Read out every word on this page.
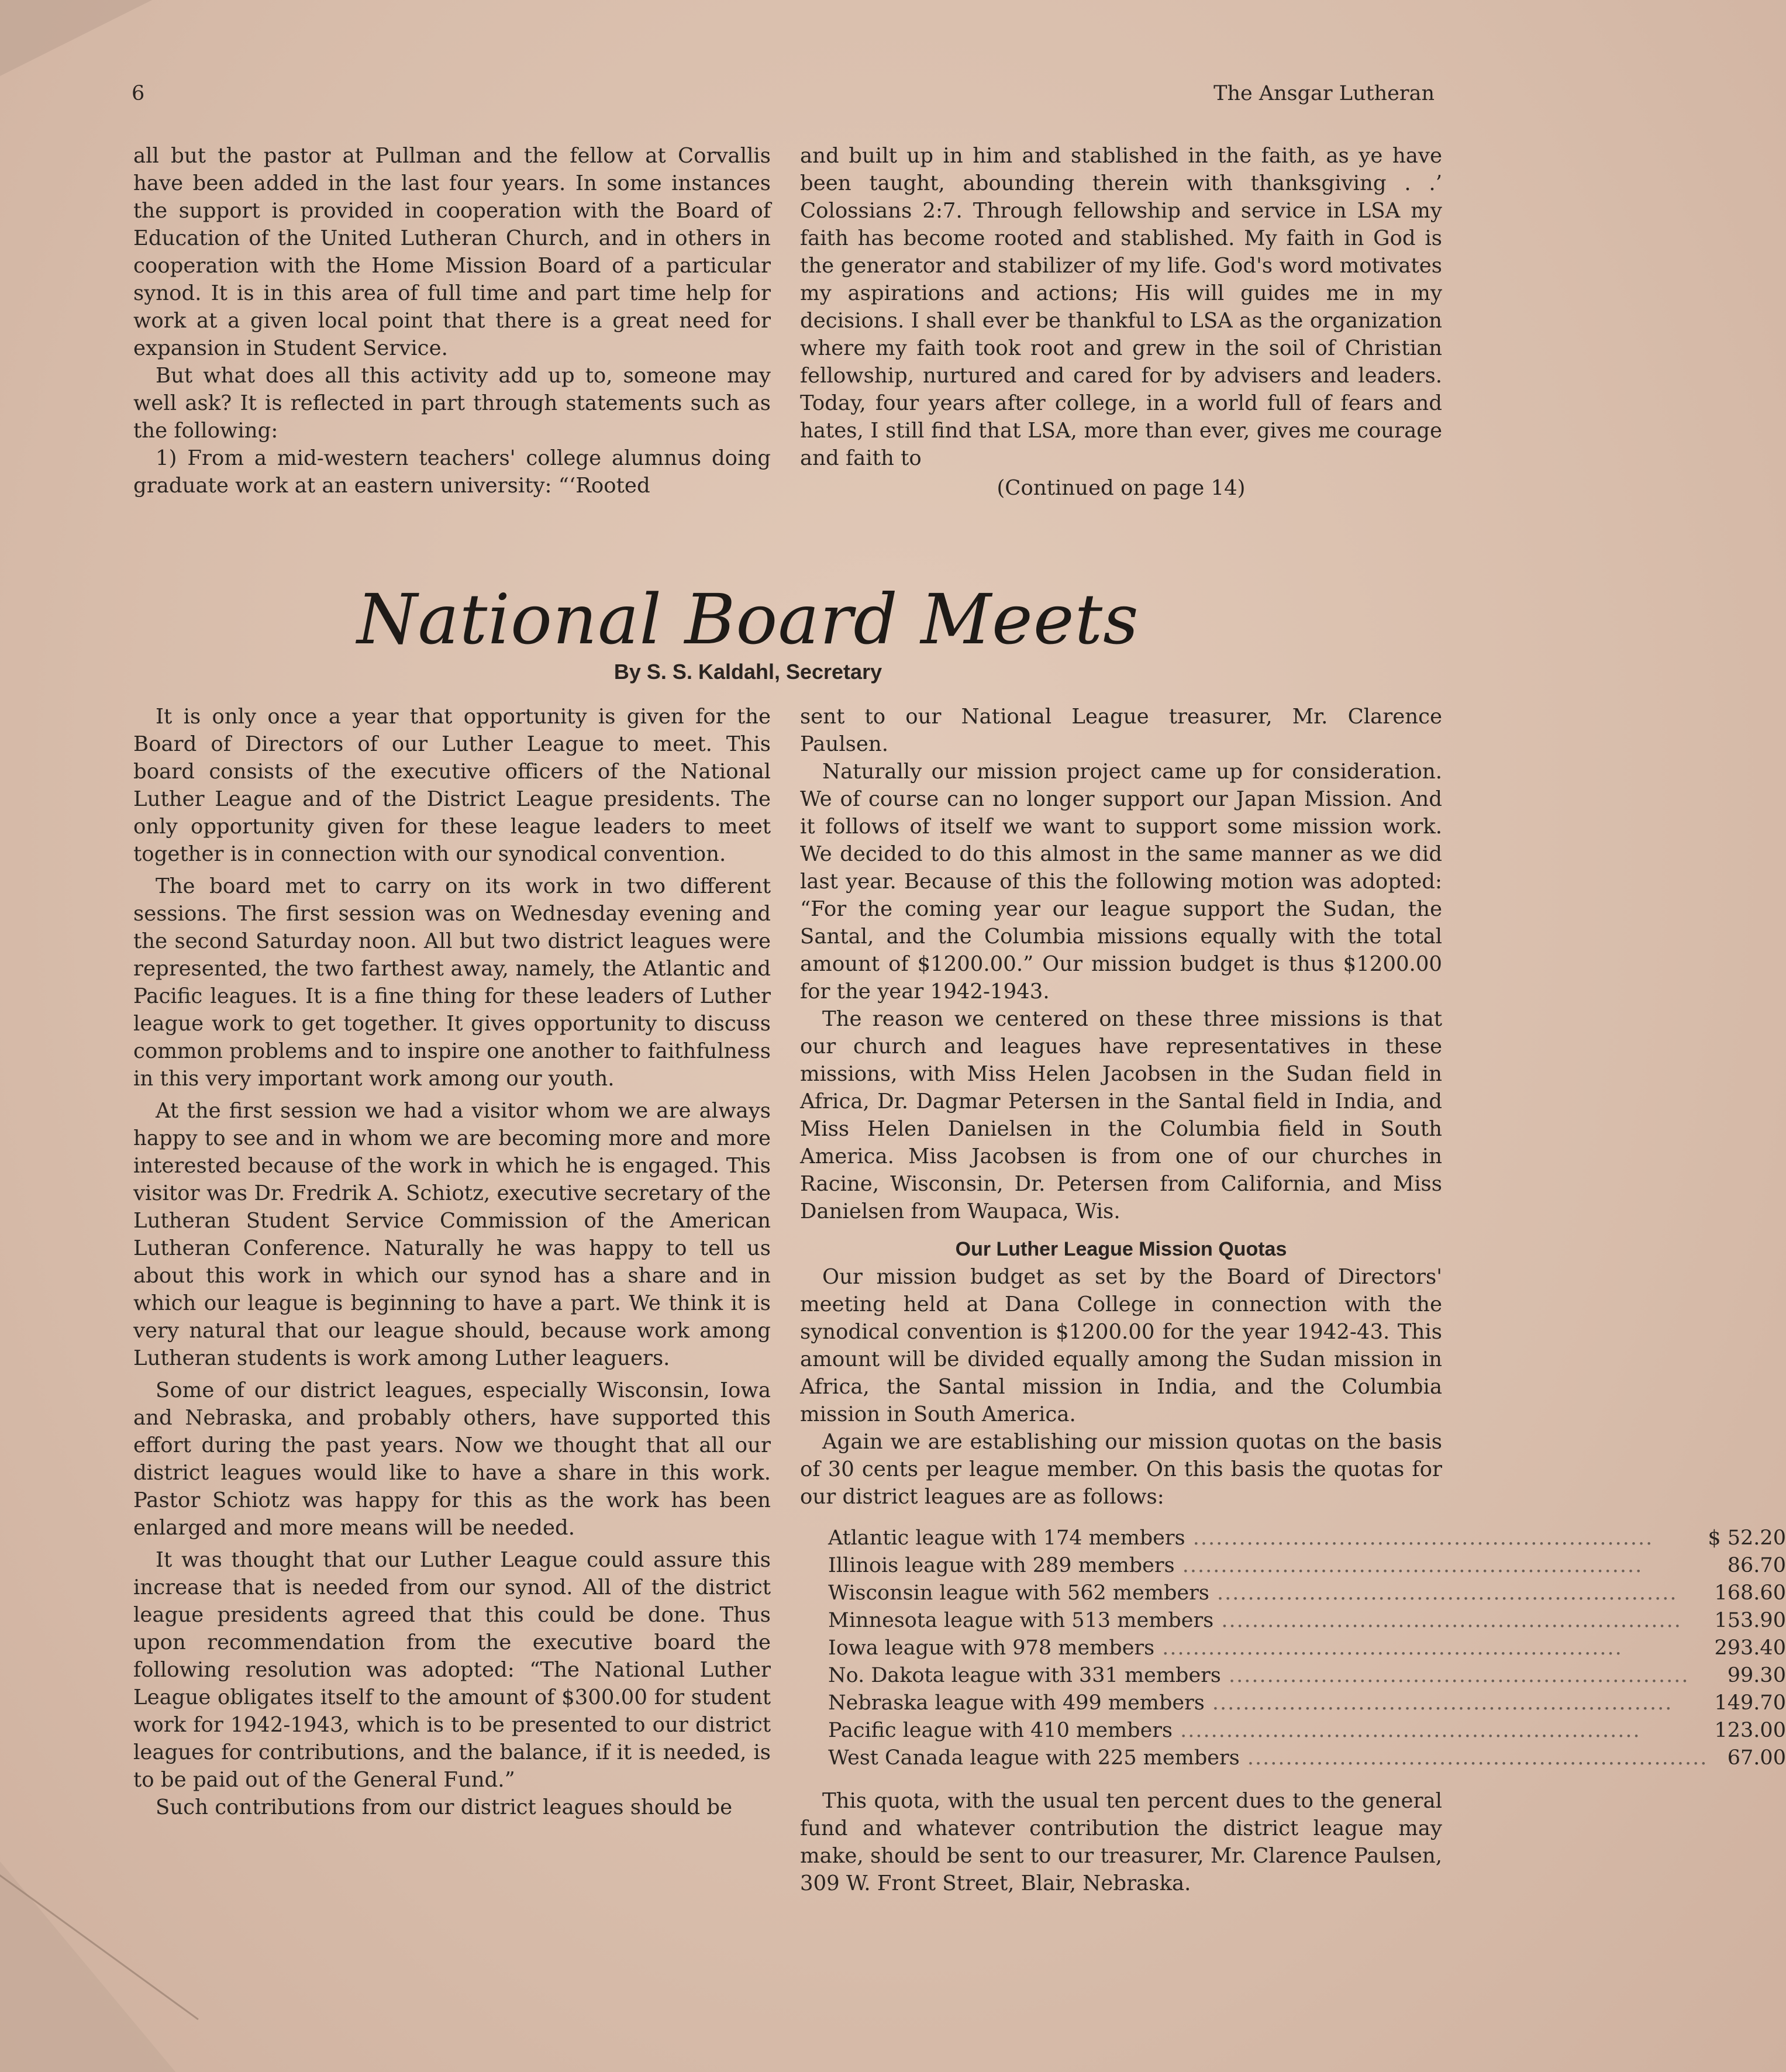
6	The Ansgar Lutheran

all but the pastor at Pullman and the fellow at Corvallis have been added in the last four years. In some instances the support is provided in cooperation with the Board of Education of the United Lutheran Church, and in others in cooperation with the Home Mission Board of a particular synod. It is in this area of full time and part time help for work at a given local point that there is a great need for expansion in Student Service.

But what does all this activity add up to, someone may well ask? It is reflected in part through statements such as the following:

1) From a mid-western teachers' college alumnus doing graduate work at an eastern university: “‘Rooted

and built up in him and stablished in the faith, as ye have been taught, abounding therein with thanksgiving . .’ Colossians 2:7. Through fellowship and service in LSA my faith has become rooted and stablished. My faith in God is the generator and stabilizer of my life. God's word motivates my aspirations and actions; His will guides me in my decisions. I shall ever be thankful to LSA as the organization where my faith took root and grew in the soil of Christian fellowship, nurtured and cared for by advisers and leaders. Today, four years after college, in a world full of fears and hates, I still find that LSA, more than ever, gives me courage and faith to

(Continued on page 14)

National Board Meets
By S. S. Kaldahl, Secretary

It is only once a year that opportunity is given for the Board of Directors of our Luther League to meet. This board consists of the executive officers of the National Luther League and of the District League presidents. The only opportunity given for these league leaders to meet together is in connection with our synodical convention.

The board met to carry on its work in two different sessions. The first session was on Wednesday evening and the second Saturday noon. All but two district leagues were represented, the two farthest away, namely, the Atlantic and Pacific leagues. It is a fine thing for these leaders of Luther league work to get together. It gives opportunity to discuss common problems and to inspire one another to faithfulness in this very important work among our youth.

At the first session we had a visitor whom we are always happy to see and in whom we are becoming more and more interested because of the work in which he is engaged. This visitor was Dr. Fredrik A. Schiotz, executive secretary of the Lutheran Student Service Commission of the American Lutheran Conference. Naturally he was happy to tell us about this work in which our synod has a share and in which our league is beginning to have a part. We think it is very natural that our league should, because work among Lutheran students is work among Luther leaguers.

Some of our district leagues, especially Wisconsin, Iowa and Nebraska, and probably others, have supported this effort during the past years. Now we thought that all our district leagues would like to have a share in this work. Pastor Schiotz was happy for this as the work has been enlarged and more means will be needed.

It was thought that our Luther League could assure this increase that is needed from our synod. All of the district league presidents agreed that this could be done. Thus upon recommendation from the executive board the following resolution was adopted: “The National Luther League obligates itself to the amount of $300.00 for student work for 1942-1943, which is to be presented to our district leagues for contributions, and the balance, if it is needed, is to be paid out of the General Fund.”

Such contributions from our district leagues should be

sent to our National League treasurer, Mr. Clarence Paulsen.

Naturally our mission project came up for consideration. We of course can no longer support our Japan Mission. And it follows of itself we want to support some mission work. We decided to do this almost in the same manner as we did last year. Because of this the following motion was adopted: “For the coming year our league support the Sudan, the Santal, and the Columbia missions equally with the total amount of $1200.00.” Our mission budget is thus $1200.00 for the year 1942-1943.

The reason we centered on these three missions is that our church and leagues have representatives in these missions, with Miss Helen Jacobsen in the Sudan field in Africa, Dr. Dagmar Petersen in the Santal field in India, and Miss Helen Danielsen in the Columbia field in South America. Miss Jacobsen is from one of our churches in Racine, Wisconsin, Dr. Petersen from California, and Miss Danielsen from Waupaca, Wis.

Our Luther League Mission Quotas

Our mission budget as set by the Board of Directors' meeting held at Dana College in connection with the synodical convention is $1200.00 for the year 1942-43. This amount will be divided equally among the Sudan mission in Africa, the Santal mission in India, and the Columbia mission in South America.

Again we are establishing our mission quotas on the basis of 30 cents per league member. On this basis the quotas for our district leagues are as follows:

Atlantic league with 174 members ............................................................	$ 52.20
Illinois league with 289 members ............................................................	86.70
Wisconsin league with 562 members ............................................................	168.60
Minnesota league with 513 members ............................................................	153.90
Iowa league with 978 members ............................................................	293.40
No. Dakota league with 331 members ............................................................	99.30
Nebraska league with 499 members ............................................................	149.70
Pacific league with 410 members ............................................................	123.00
West Canada league with 225 members ............................................................	67.00

This quota, with the usual ten percent dues to the general fund and whatever contribution the district league may make, should be sent to our treasurer, Mr. Clarence Paulsen, 309 W. Front Street, Blair, Nebraska.
